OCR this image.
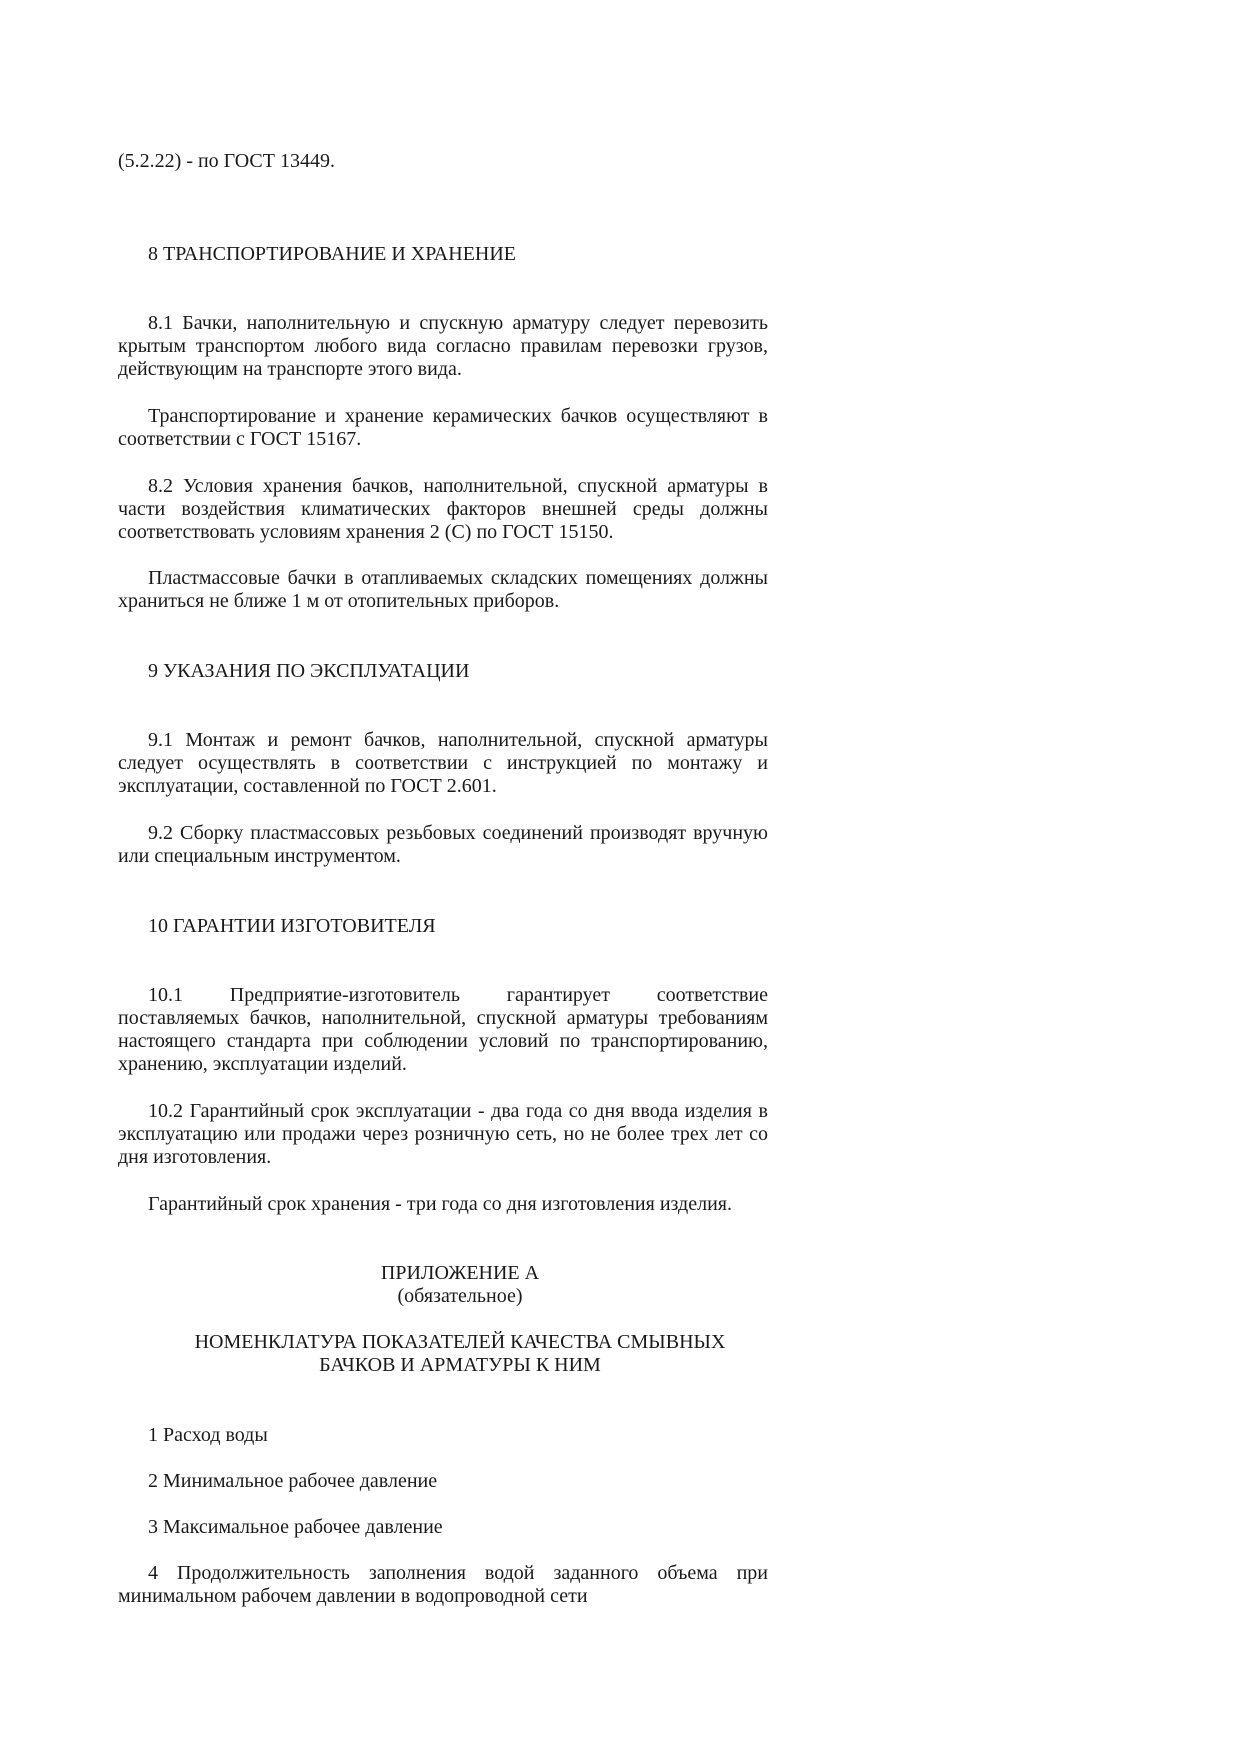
(5.2.22) - по ГОСТ 13449.

8 ТРАНСПОРТИРОВАНИЕ И ХРАНЕНИЕ

8.1 Бачки, наполнительную и спускную арматуру следует перевозить крытым транспортом любого вида согласно правилам перевозки грузов, действующим на транспорте этого вида.

Транспортирование и хранение керамических бачков осуществляют в соответствии с ГОСТ 15167.

8.2 Условия хранения бачков, наполнительной, спускной арматуры в части воздействия климатических факторов внешней среды должны соответствовать условиям хранения 2 (С) по ГОСТ 15150.

Пластмассовые бачки в отапливаемых складских помещениях должны храниться не ближе 1 м от отопительных приборов.

9 УКАЗАНИЯ ПО ЭКСПЛУАТАЦИИ

9.1 Монтаж и ремонт бачков, наполнительной, спускной арматуры следует осуществлять в соответствии с инструкцией по монтажу и эксплуатации, составленной по ГОСТ 2.601.

9.2 Сборку пластмассовых резьбовых соединений производят вручную или специальным инструментом.

10 ГАРАНТИИ ИЗГОТОВИТЕЛЯ

10.1 Предприятие-изготовитель гарантирует соответствие поставляемых бачков, наполнительной, спускной арматуры требованиям настоящего стандарта при соблюдении условий по транспортированию, хранению, эксплуатации изделий.

10.2 Гарантийный срок эксплуатации - два года со дня ввода изделия в эксплуатацию или продажи через розничную сеть, но не более трех лет со дня изготовления.

Гарантийный срок хранения - три года со дня изготовления изделия.

ПРИЛОЖЕНИЕ А

(обязательное)

НОМЕНКЛАТУРА ПОКАЗАТЕЛЕЙ КАЧЕСТВА СМЫВНЫХ

БАЧКОВ И АРМАТУРЫ К НИМ

1 Расход воды

2 Минимальное рабочее давление

3 Максимальное рабочее давление

4 Продолжительность заполнения водой заданного объема при минимальном рабочем давлении в водопроводной сети
